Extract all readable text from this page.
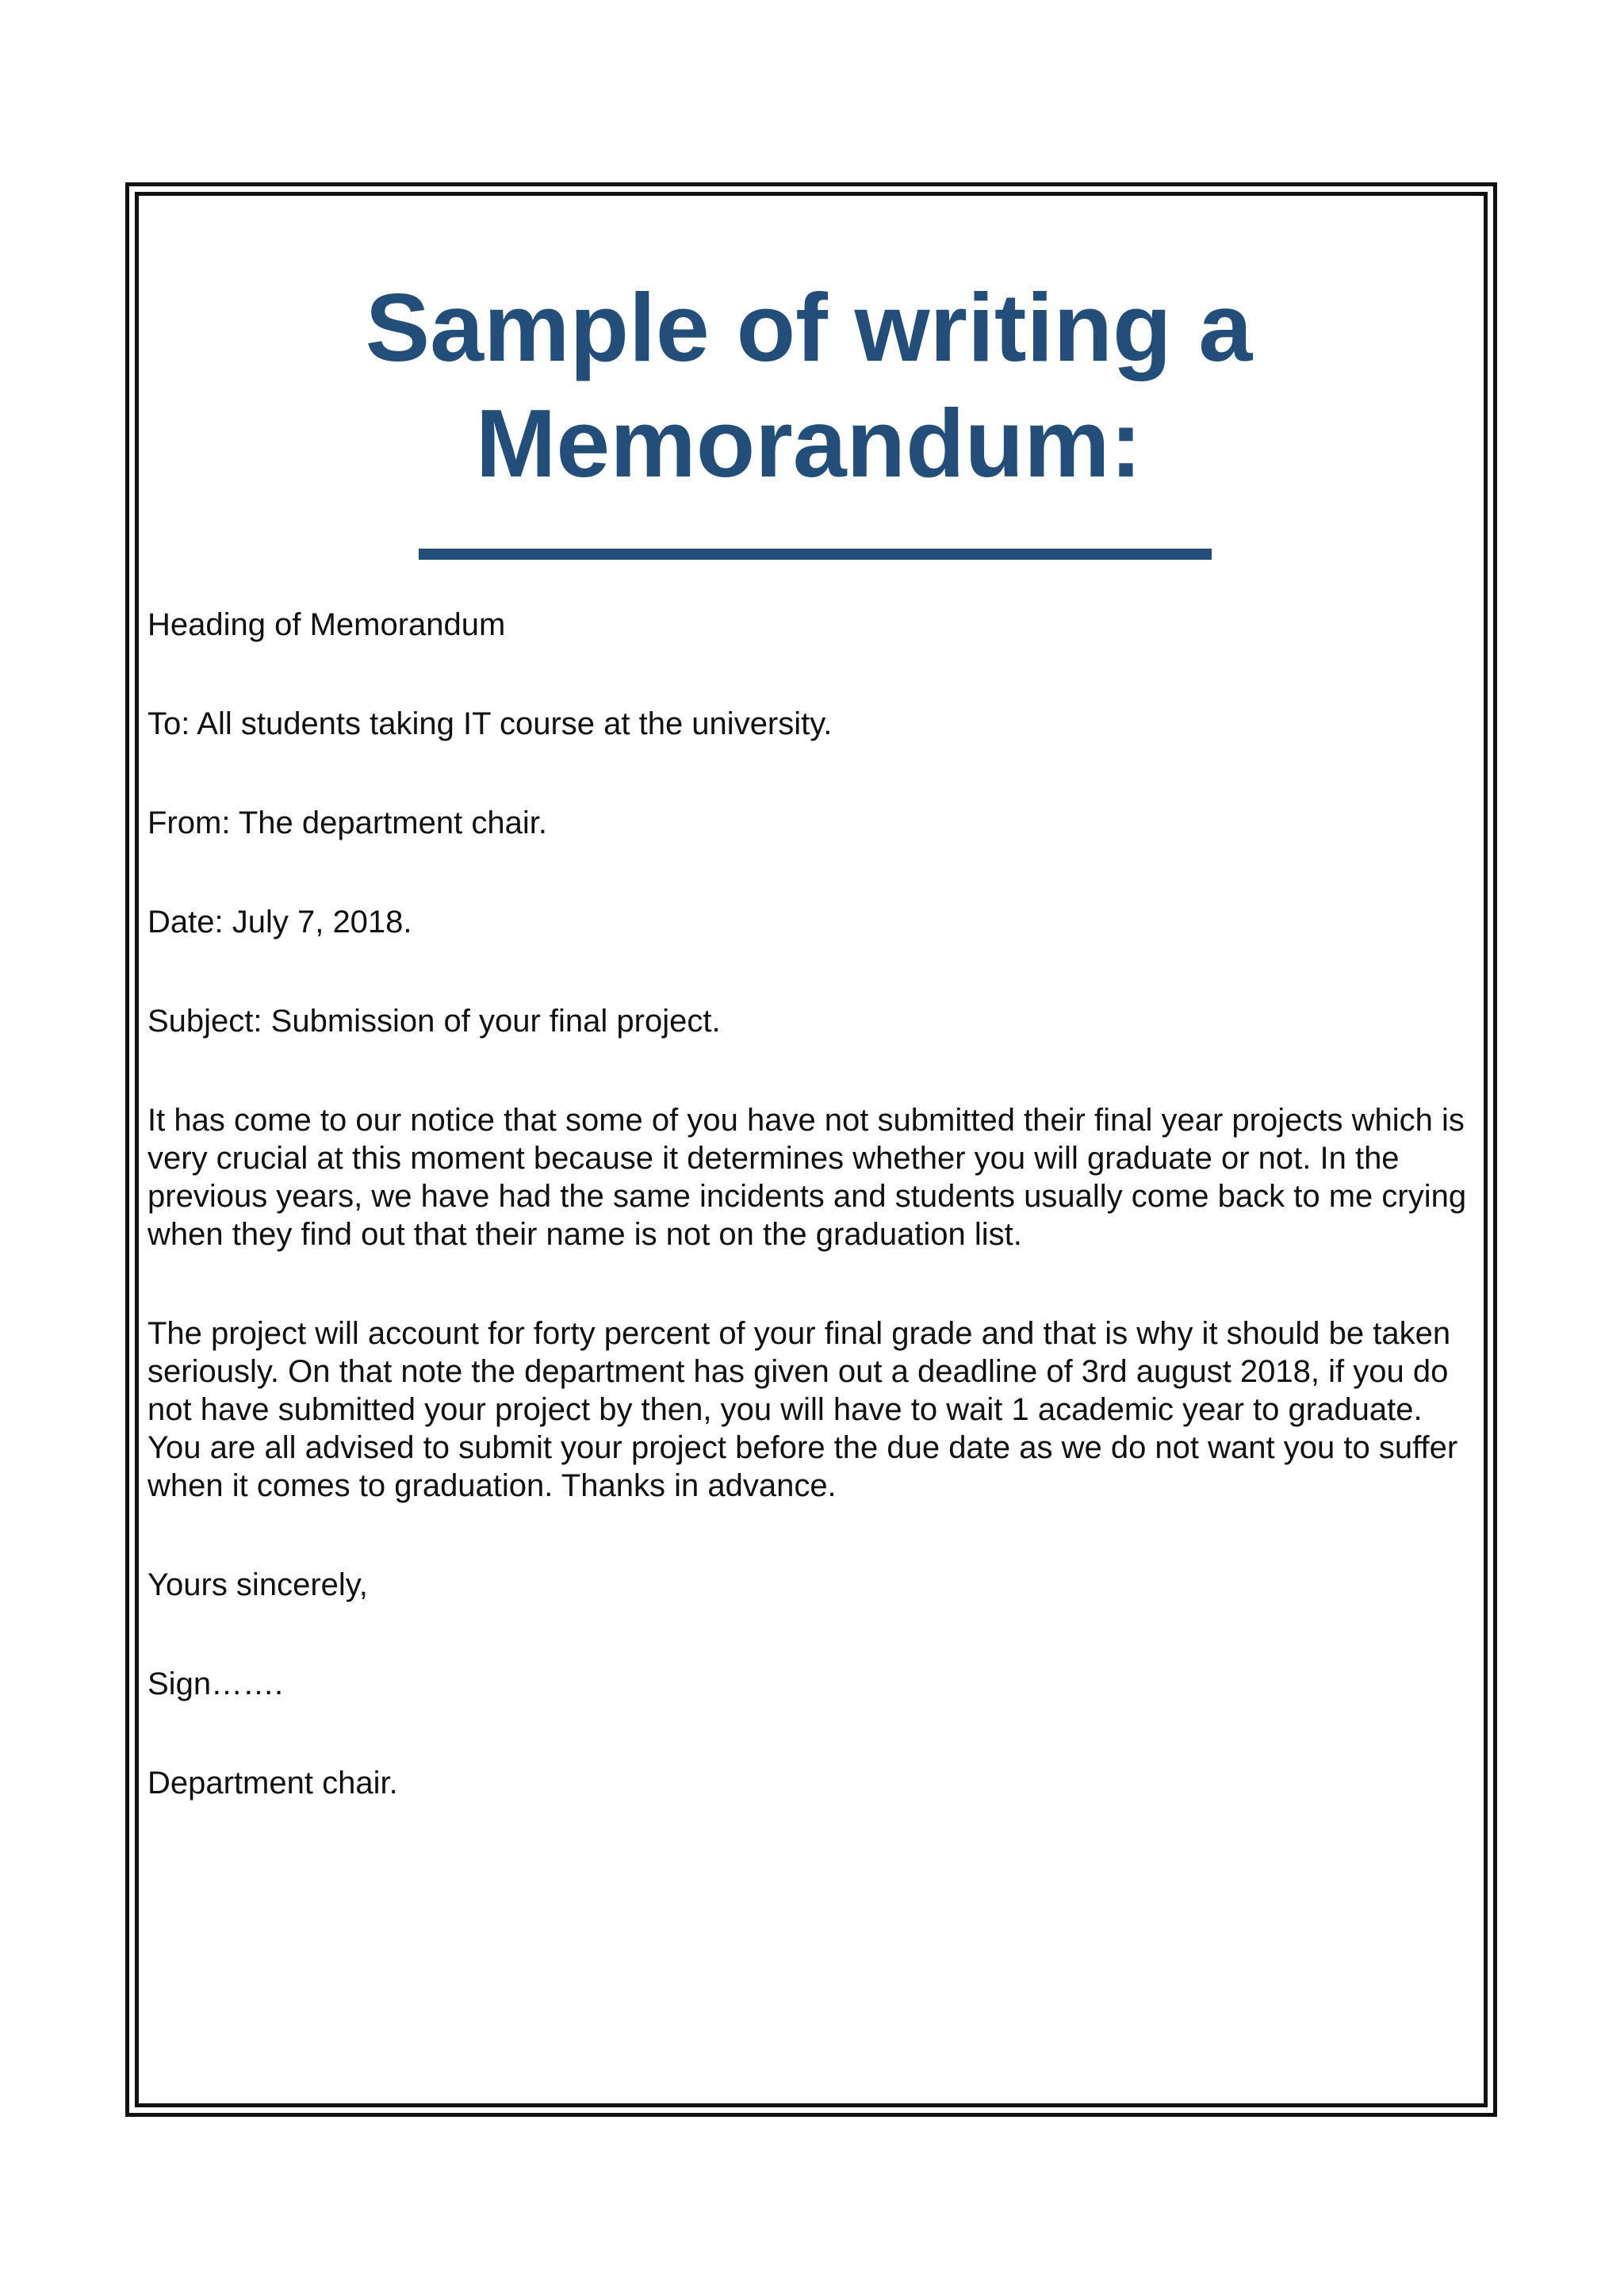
Sample of writing a
Memorandum:

Heading of Memorandum

To: All students taking IT course at the university.

From: The department chair.

Date: July 7, 2018.

Subject: Submission of your final project.

It has come to our notice that some of you have not submitted their final year projects which is very crucial at this moment because it determines whether you will graduate or not. In the previous years, we have had the same incidents and students usually come back to me crying when they find out that their name is not on the graduation list.

The project will account for forty percent of your final grade and that is why it should be taken seriously. On that note the department has given out a deadline of 3rd august 2018, if you do not have submitted your project by then, you will have to wait 1 academic year to graduate. You are all advised to submit your project before the due date as we do not want you to suffer when it comes to graduation. Thanks in advance.

Yours sincerely,

Sign…….

Department chair.
